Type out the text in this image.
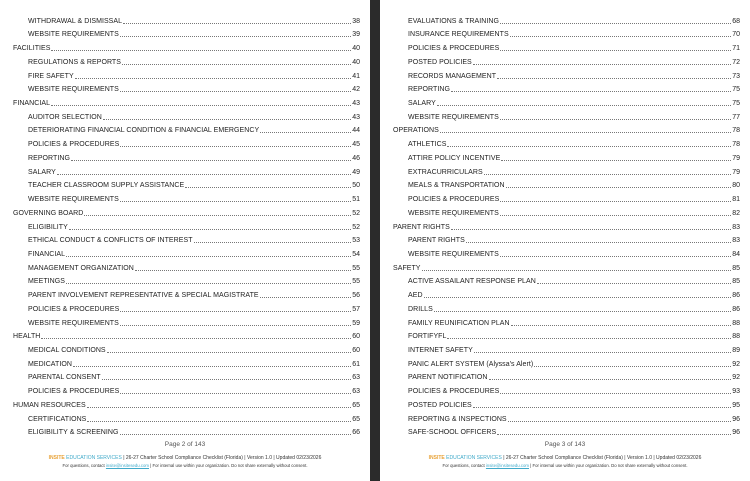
WITHDRAWAL & DISMISSAL	38
WEBSITE REQUIREMENTS	39
FACILITIES	40
REGULATIONS & REPORTS	40
FIRE SAFETY	41
WEBSITE REQUIREMENTS	42
FINANCIAL	43
AUDITOR SELECTION	43
DETERIORATING FINANCIAL CONDITION & FINANCIAL EMERGENCY	44
POLICIES & PROCEDURES	45
REPORTING	46
SALARY	49
TEACHER CLASSROOM SUPPLY ASSISTANCE	50
WEBSITE REQUIREMENTS	51
GOVERNING BOARD	52
ELIGIBILITY	52
ETHICAL CONDUCT & CONFLICTS OF INTEREST	53
FINANCIAL	54
MANAGEMENT ORGANIZATION	55
MEETINGS	55
PARENT INVOLVEMENT REPRESENTATIVE & SPECIAL MAGISTRATE	56
POLICIES & PROCEDURES	57
WEBSITE REQUIREMENTS	59
HEALTH	60
MEDICAL CONDITIONS	60
MEDICATION	61
PARENTAL CONSENT	63
POLICIES & PROCEDURES	63
HUMAN RESOURCES	65
CERTIFICATIONS	65
ELIGIBILITY & SCREENING	66
Page 2 of 143
INSITE EDUCATION SERVICES | 26-27 Charter School Compliance Checklist (Florida) | Version 1.0 | Updated 02/23/2026
For questions, contact insite@insitesedu.com | For internal use within your organization. Do not share externally without consent.
EVALUATIONS & TRAINING	68
INSURANCE REQUIREMENTS	70
POLICIES & PROCEDURES	71
POSTED POLICIES	72
RECORDS MANAGEMENT	73
REPORTING	75
SALARY	75
WEBSITE REQUIREMENTS	77
OPERATIONS	78
ATHLETICS	78
ATTIRE POLICY INCENTIVE	79
EXTRACURRICULARS	79
MEALS & TRANSPORTATION	80
POLICIES & PROCEDURES	81
WEBSITE REQUIREMENTS	82
PARENT RIGHTS	83
PARENT RIGHTS	83
WEBSITE REQUIREMENTS	84
SAFETY	85
ACTIVE ASSAILANT RESPONSE PLAN	85
AED	86
DRILLS	86
FAMILY REUNIFICATION PLAN	88
FORTIFYFL	88
INTERNET SAFETY	89
PANIC ALERT SYSTEM (Alyssa's Alert)	92
PARENT NOTIFICATION	92
POLICIES & PROCEDURES	93
POSTED POLICIES	95
REPORTING & INSPECTIONS	96
SAFE-SCHOOL OFFICERS	96
Page 3 of 143
INSITE EDUCATION SERVICES | 26-27 Charter School Compliance Checklist (Florida) | Version 1.0 | Updated 02/23/2026
For questions, contact insite@insitesedu.com | For internal use within your organization. Do not share externally without consent.
